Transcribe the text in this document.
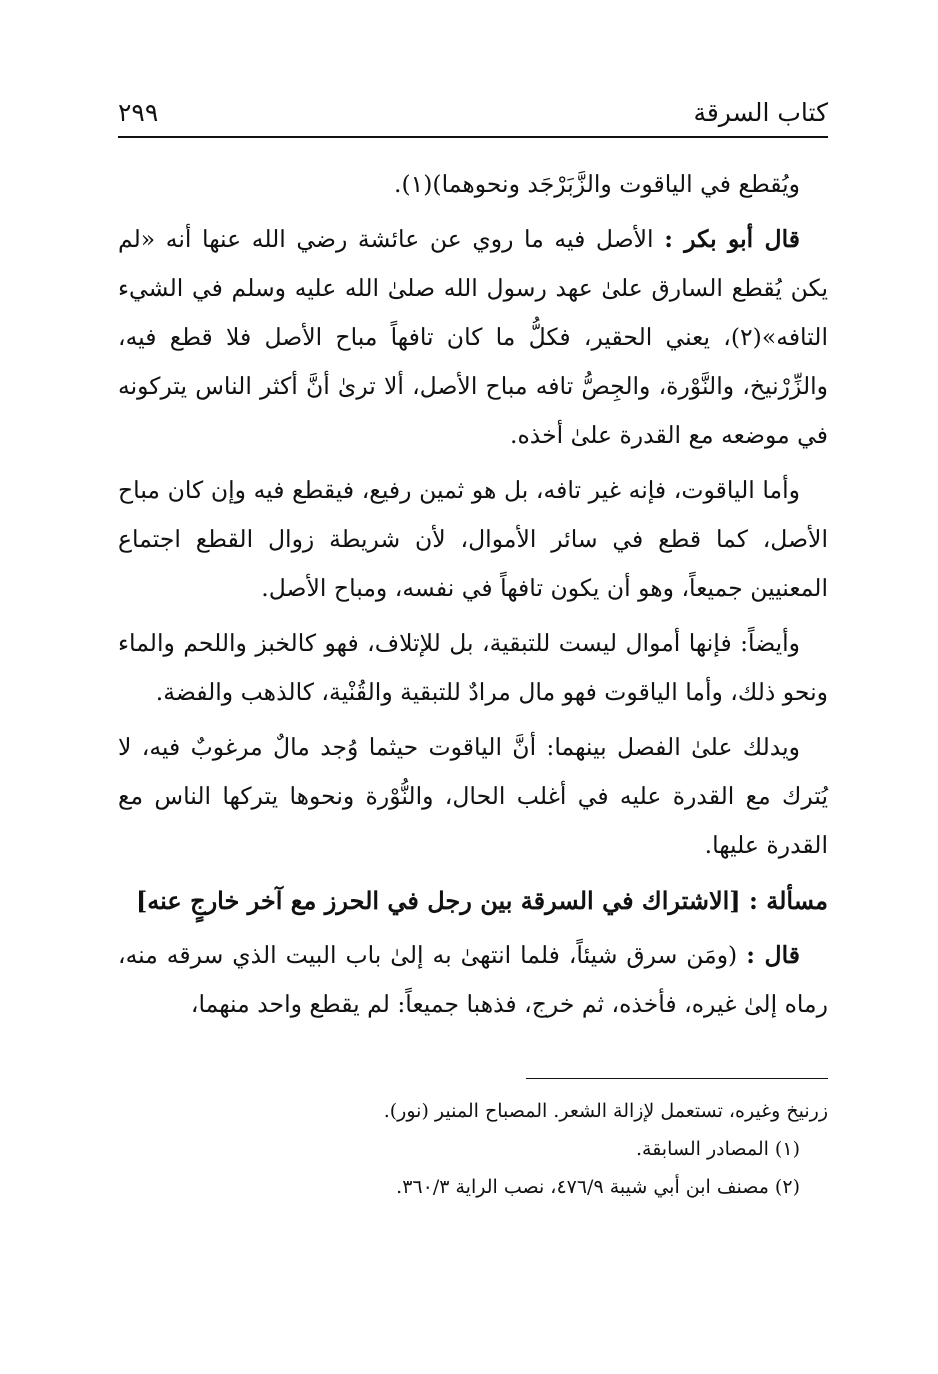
كتاب السرقة
٢٩٩

ويُقطع في الياقوت والزَّبَرْجَد ونحوهما)(١).

قال أبو بكر : الأصل فيه ما روي عن عائشة رضي الله عنها أنه «لم يكن يُقطع السارق علىٰ عهد رسول الله صلىٰ الله عليه وسلم في الشيء التافه»(٢)، يعني الحقير، فكلُّ ما كان تافهاً مباح الأصل فلا قطع فيه، والزِّرْنيخ، والنَّوْرة، والجِصُّ تافه مباح الأصل، ألا ترىٰ أنَّ أكثر الناس يتركونه في موضعه مع القدرة علىٰ أخذه.

وأما الياقوت، فإنه غير تافه، بل هو ثمين رفيع، فيقطع فيه وإن كان مباح الأصل، كما قطع في سائر الأموال، لأن شريطة زوال القطع اجتماع المعنيين جميعاً، وهو أن يكون تافهاً في نفسه، ومباح الأصل.

وأيضاً: فإنها أموال ليست للتبقية، بل للإتلاف، فهو كالخبز واللحم والماء ونحو ذلك، وأما الياقوت فهو مال مرادٌ للتبقية والقُنْية، كالذهب والفضة.

ويدلك علىٰ الفصل بينهما: أنَّ الياقوت حيثما وُجد مالٌ مرغوبٌ فيه، لا يُترك مع القدرة عليه في أغلب الحال، والنُّوْرة ونحوها يتركها الناس مع القدرة عليها.

مسألة : [الاشتراك في السرقة بين رجل في الحرز مع آخر خارجٍ عنه]

قال : (ومَن سرق شيئاً، فلما انتهىٰ به إلىٰ باب البيت الذي سرقه منه، رماه إلىٰ غيره، فأخذه، ثم خرج، فذهبا جميعاً: لم يقطع واحد منهما،

زرنيخ وغيره، تستعمل لإزالة الشعر. المصباح المنير (نور).

(١) المصادر السابقة.

(٢) مصنف ابن أبي شيبة ٤٧٦/٩، نصب الراية ٣٦٠/٣.
